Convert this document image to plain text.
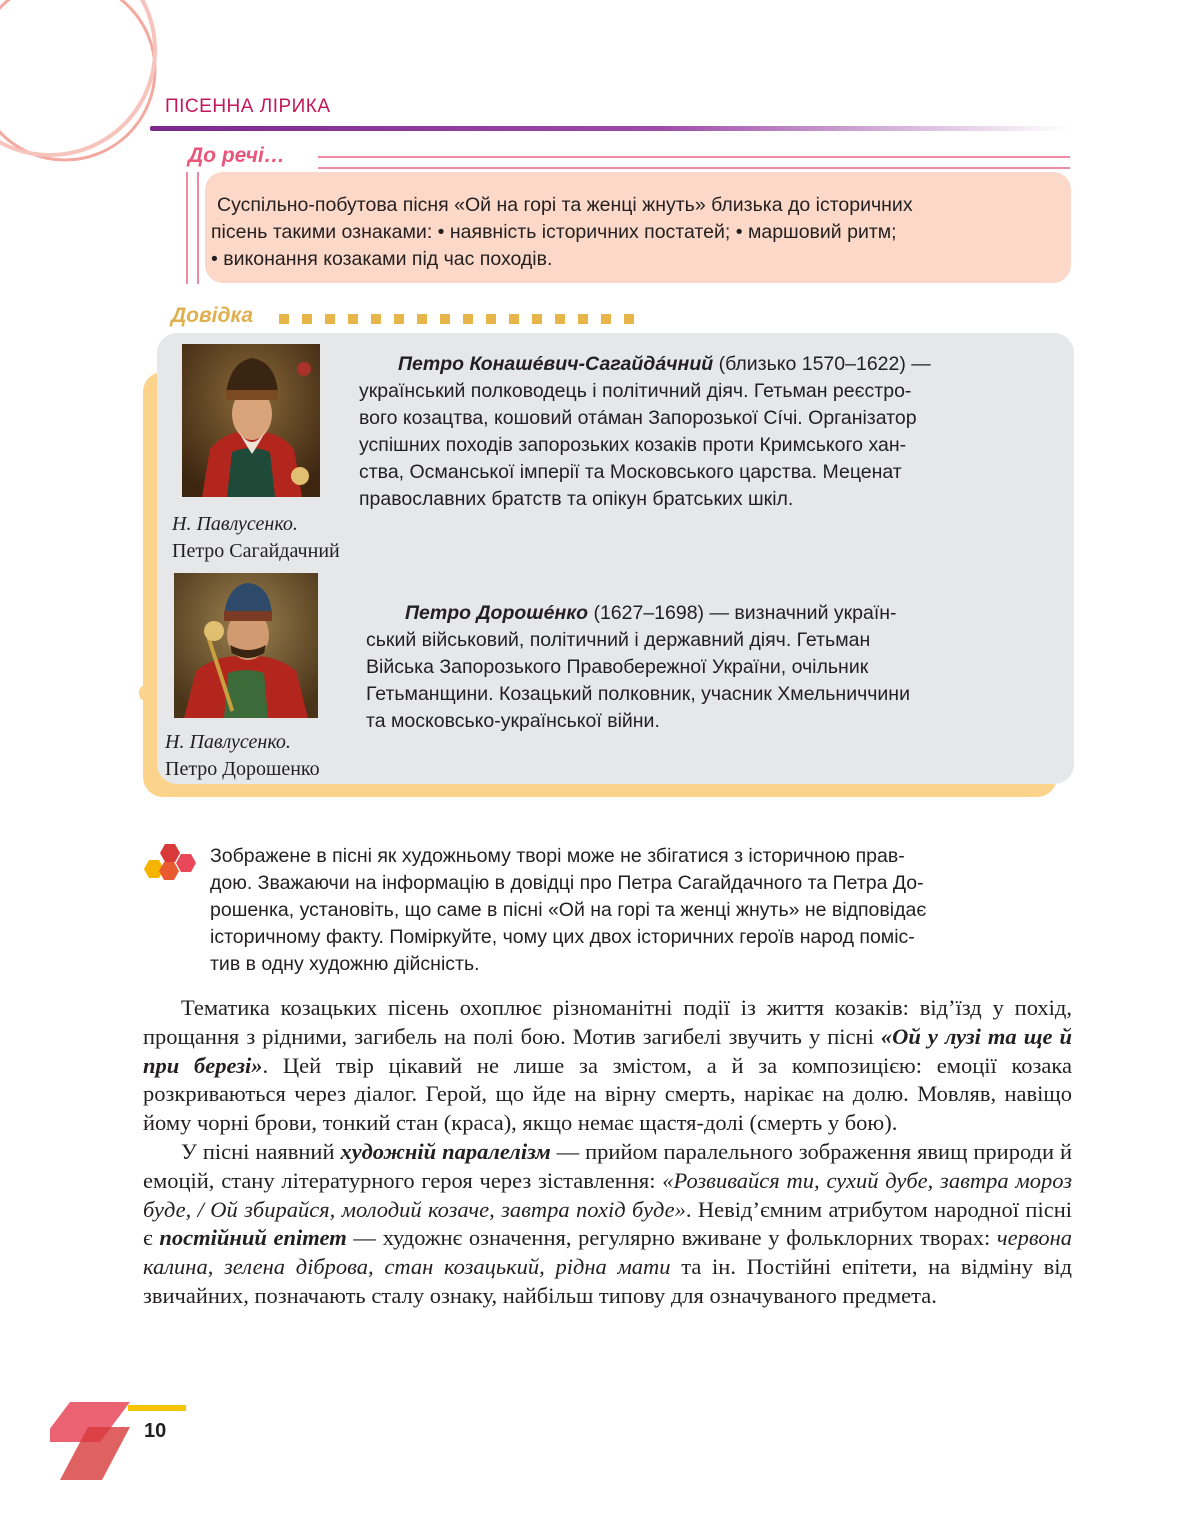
ПІСЕННА ЛІРИКА
До речі…

Суспільно-побутова пісня «Ой на горі та женці жнуть» близька до історичних

пісень такими ознаками: • наявність історичних постатей; • маршовий ритм;

• виконання козаками під час походів.

Довідка
Н. Павлусенко.
Петро Сагайдачний

Петро Конашéвич-Сагайдáчний (близько 1570–1622) —

український полководець і політичний діяч. Гетьман реєстро-

вого козацтва, кошовий отáман Запорозької Сíчі. Організатор

успішних походів запорозьких козаків проти Кримського хан-

ства, Османської імперії та Московського царства. Меценат

православних братств та опікун братських шкіл.

Н. Павлусенко.
Петро Дорошенко

Петро Дорошéнко (1627–1698) — визначний україн-

ський військовий, політичний і державний діяч. Гетьман

Війська Запорозького Правобережної України, очільник

Гетьманщини. Козацький полковник, учасник Хмельниччини

та московсько-української війни.

Зображене в пісні як художньому творі може не збігатися з історичною прав-

дою. Зважаючи на інформацію в довідці про Петра Сагайдачного та Петра До-

рошенка, установіть, що саме в пісні «Ой на горі та женці жнуть» не відповідає

історичному факту. Поміркуйте, чому цих двох історичних героїв народ поміс-

тив в одну художню дійсність.

Тематика козацьких пісень охоплює різноманітні події із життя козаків: від’їзд у похід, прощання з рідними, загибель на полі бою. Мотив загибелі звучить у пісні «Ой у лузі та ще й при березі». Цей твір цікавий не лише за змістом, а й за композицією: емоції козака розкриваються через діалог. Герой, що йде на вірну смерть, нарікає на долю. Мовляв, навіщо йому чорні брови, тонкий стан (краса), якщо немає щастя-долі (смерть у бою).

У пісні наявний художній паралелізм — прийом паралельного зображення явищ природи й емоцій, стану літературного героя через зіставлення: «Розвивайся ти, сухий дубе, завтра мороз буде, / Ой збирайся, молодий козаче, завтра похід буде». Невід’ємним атрибутом народної пісні є постійний епітет — художнє означення, регулярно вживане у фольклорних творах: червона калина, зелена діброва, стан козацький, рідна мати та ін. Постійні епітети, на відміну від звичайних, позначають сталу ознаку, найбільш типову для означуваного предмета.

10
